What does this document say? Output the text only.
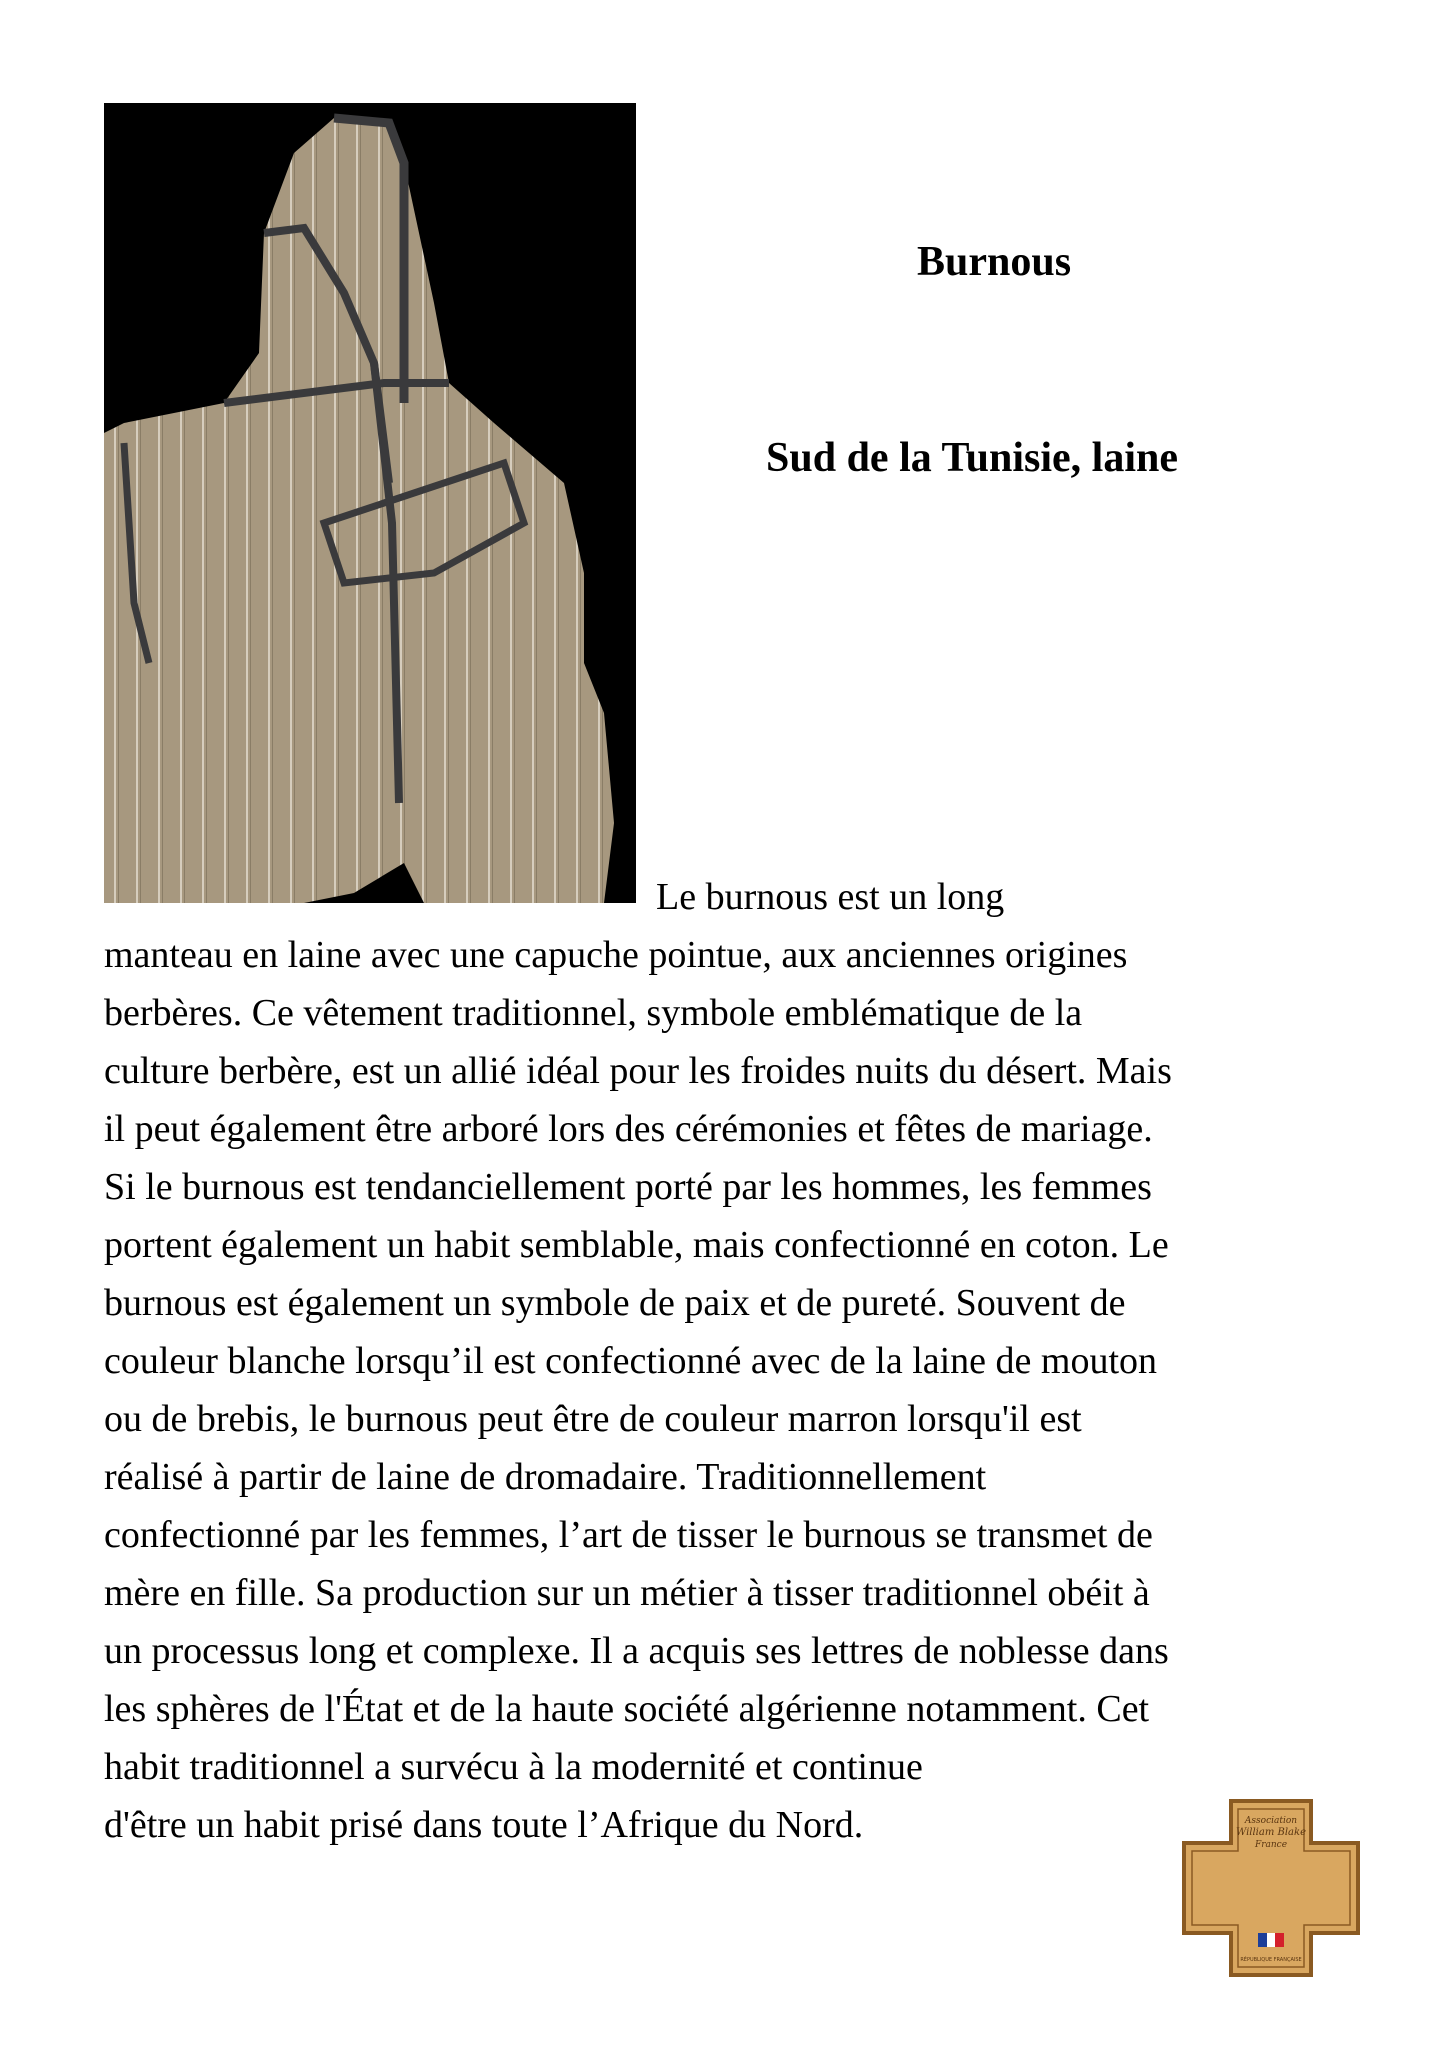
Burnous
Sud de la Tunisie, laine
Le burnous est un long
manteau en laine avec une capuche pointue, aux anciennes origines
berbères. Ce vêtement traditionnel, symbole emblématique de la
culture berbère, est un allié idéal pour les froides nuits du désert. Mais
il peut également être arboré lors des cérémonies et fêtes de mariage.
Si le burnous est tendanciellement porté par les hommes, les femmes
portent également un habit semblable, mais confectionné en coton. Le
burnous est également un symbole de paix et de pureté. Souvent de
couleur blanche lorsqu’il est confectionné avec de la laine de mouton
ou de brebis, le burnous peut être de couleur marron lorsqu'il est
réalisé à partir de laine de dromadaire. Traditionnellement
confectionné par les femmes, l’art de tisser le burnous se transmet de
mère en fille. Sa production sur un métier à tisser traditionnel obéit à
un processus long et complexe. Il a acquis ses lettres de noblesse dans
les sphères de l'État et de la haute société algérienne notamment. Cet
habit traditionnel a survécu à la modernité et continue
d'être un habit prisé dans toute l’Afrique du Nord.	Association
William Blake
France
RÉPUBLIQUE FRANÇAISE
